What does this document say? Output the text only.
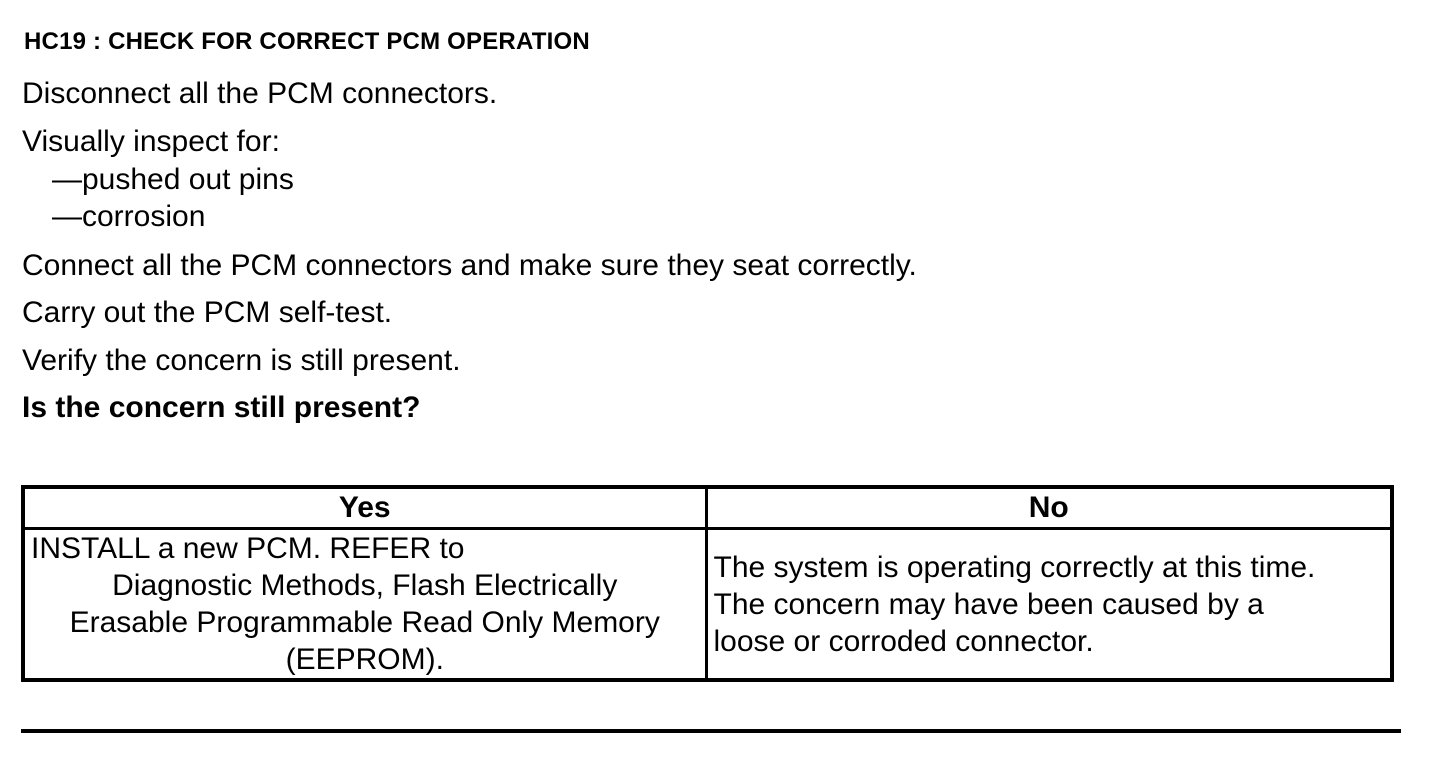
HC19 : CHECK FOR CORRECT PCM OPERATION
Disconnect all the PCM connectors.
Visually inspect for:
—pushed out pins
—corrosion
Connect all the PCM connectors and make sure they seat correctly.
Carry out the PCM self-test.
Verify the concern is still present.
Is the concern still present?
Yes	No

INSTALL a new PCM. REFER to
Diagnostic Methods, Flash Electrically
Erasable Programmable Read Only Memory
(EEPROM).	The system is operating correctly at this time.
The concern may have been caused by a
loose or corroded connector.
